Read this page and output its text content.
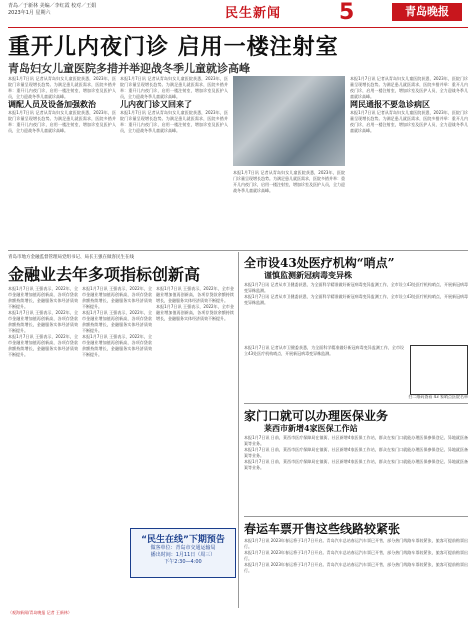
青岛／于新林 美编／李红霞 校对／王娟
2023年1月 星期六	民生新闻	5	青岛晚报
重开儿内夜门诊 启用一楼注射室
青岛妇女儿童医院多措并举迎战冬季儿童就诊高峰
本报1月7日讯 记者从青岛妇女儿童医院获悉，2023年，医院门诊量呈现增长趋势。为满足患儿就医需求，医院多措并举：重开儿内夜门诊，启用一楼注射室，增加诊室及医护人员，全力迎战冬季儿童就诊高峰。
调配人员及设备加强救治
本报1月7日讯 记者从青岛妇女儿童医院获悉，2023年，医院门诊量呈现增长趋势。为满足患儿就医需求，医院多措并举：重开儿内夜门诊，启用一楼注射室，增加诊室及医护人员，全力迎战冬季儿童就诊高峰。
本报1月7日讯 记者从青岛妇女儿童医院获悉，2023年，医院门诊量呈现增长趋势。为满足患儿就医需求，医院多措并举：重开儿内夜门诊，启用一楼注射室，增加诊室及医护人员，全力迎战冬季儿童就诊高峰。
儿内夜门诊又回来了
本报1月7日讯 记者从青岛妇女儿童医院获悉，2023年，医院门诊量呈现增长趋势。为满足患儿就医需求，医院多措并举：重开儿内夜门诊，启用一楼注射室，增加诊室及医护人员，全力迎战冬季儿童就诊高峰。
本报1月7日讯 记者从青岛妇女儿童医院获悉，2023年，医院门诊量呈现增长趋势。为满足患儿就医需求，医院多措并举：重开儿内夜门诊，启用一楼注射室，增加诊室及医护人员，全力迎战冬季儿童就诊高峰。
本报1月7日讯 记者从青岛妇女儿童医院获悉，2023年，医院门诊量呈现增长趋势。为满足患儿就医需求，医院多措并举：重开儿内夜门诊，启用一楼注射室，增加诊室及医护人员，全力迎战冬季儿童就诊高峰。
网民通报不要急诊病区
本报1月7日讯 记者从青岛妇女儿童医院获悉，2023年，医院门诊量呈现增长趋势。为满足患儿就医需求，医院多措并举：重开儿内夜门诊，启用一楼注射室，增加诊室及医护人员，全力迎战冬季儿童就诊高峰。
青岛市地方金融监督管理局党组书记、局长王强在做客民生在线
金融业去年多项指标创新高
本报1月7日讯 王强表示，2022年，全市金融业增加值再创新高，各项存贷款余额持续增长，金融服务实体经济质效不断提升。
本报1月7日讯 王强表示，2022年，全市金融业增加值再创新高，各项存贷款余额持续增长，金融服务实体经济质效不断提升。
本报1月7日讯 王强表示，2022年，全市金融业增加值再创新高，各项存贷款余额持续增长，金融服务实体经济质效不断提升。
本报1月7日讯 王强表示，2022年，全市金融业增加值再创新高，各项存贷款余额持续增长，金融服务实体经济质效不断提升。
本报1月7日讯 王强表示，2022年，全市金融业增加值再创新高，各项存贷款余额持续增长，金融服务实体经济质效不断提升。
本报1月7日讯 王强表示，2022年，全市金融业增加值再创新高，各项存贷款余额持续增长，金融服务实体经济质效不断提升。
本报1月7日讯 王强表示，2022年，全市金融业增加值再创新高，各项存贷款余额持续增长，金融服务实体经济质效不断提升。
本报1月7日讯 王强表示，2022年，全市金融业增加值再创新高，各项存贷款余额持续增长，金融服务实体经济质效不断提升。
“民生在线”下期预告
做客单位：青岛市交通运输局
播出时间：1月11日（周三）
下午2:30—4:00
全市设43处医疗机构“哨点”
谨慎监测新冠病毒变异株
本报1月7日讯 记者从市卫健委获悉，为全面科学精准做好新冠病毒变异监测工作，全市设立43处医疗机构哨点，开展新冠病毒变异株监测。
本报1月7日讯 记者从市卫健委获悉，为全面科学精准做好新冠病毒变异监测工作，全市设立43处医疗机构哨点，开展新冠病毒变异株监测。
扫二维码查看 43 家哨点医院名单
本报1月7日讯 记者从市卫健委获悉，为全面科学精准做好新冠病毒变异监测工作，全市设立43处医疗机构哨点，开展新冠病毒变异株监测。
家门口就可以办理医保业务
莱西市新增4家医保工作站
本报1月7日讯 日前，莱西市医疗保障局在镇街、社区新增4家医保工作站，群众在家门口就能办理医保参保登记、异地就医备案等业务。
本报1月7日讯 日前，莱西市医疗保障局在镇街、社区新增4家医保工作站，群众在家门口就能办理医保参保登记、异地就医备案等业务。
本报1月7日讯 日前，莱西市医疗保障局在镇街、社区新增4家医保工作站，群众在家门口就能办理医保参保登记、异地就医备案等业务。
春运车票开售这些线路较紧张
本报1月7日讯 2023年春运将于1月7日开启。青岛汽车总站春运汽车票已开售，部分热门线路车票较紧张，旅客可提前购票出行。
本报1月7日讯 2023年春运将于1月7日开启。青岛汽车总站春运汽车票已开售，部分热门线路车票较紧张，旅客可提前购票出行。
本报1月7日讯 2023年春运将于1月7日开启。青岛汽车总站春运汽车票已开售，部分热门线路车票较紧张，旅客可提前购票出行。
（观海新闻/青岛晚报 记者 王新林）
